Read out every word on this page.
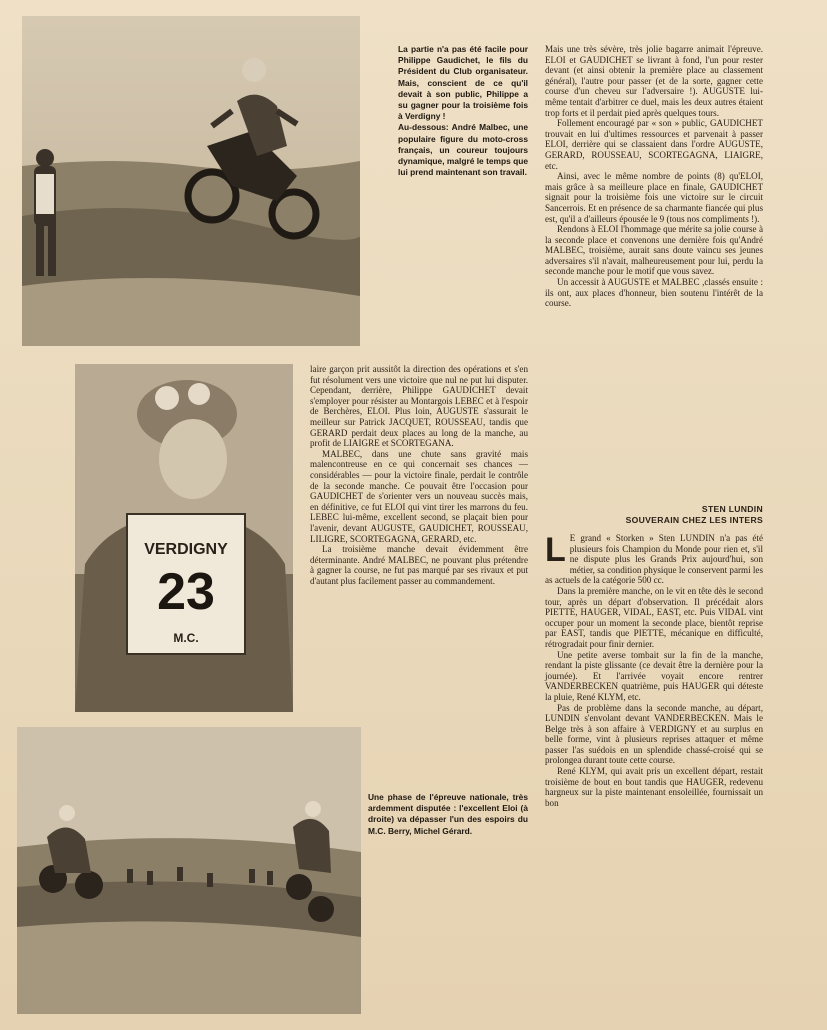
La partie n'a pas été facile pour Philippe Gaudichet, le fils du Président du Club organisateur. Mais, conscient de ce qu'il devait à son public, Philippe a su gagner pour la troisième fois à Verdigny !

Au-dessous: André Malbec, une populaire figure du moto-cross français, un coureur toujours dynamique, malgré le temps que lui prend maintenant son travail.

VERDIGNY
23
M.C.

Une phase de l'épreuve nationale, très ardemment disputée : l'excellent Eloi (à droite) va dépasser l'un des espoirs du M.C. Berry, Michel Gérard.

laire garçon prit aussitôt la direction des opérations et s'en fut résolument vers une victoire que nul ne put lui disputer. Cependant, derrière, Philippe GAUDICHET devait s'employer pour résister au Montargois LEBEC et à l'espoir de Berchères, ELOI. Plus loin, AUGUSTE s'assurait le meilleur sur Patrick JACQUET, ROUSSEAU, tandis que GERARD perdait deux places au long de la manche, au profit de LIAIGRE et SCORTEGANA.

MALBEC, dans une chute sans gravité mais malencontreuse en ce qui concernait ses chances — considérables — pour la victoire finale, perdait le contrôle de la seconde manche. Ce pouvait être l'occasion pour GAUDICHET de s'orienter vers un nouveau succès mais, en définitive, ce fut ELOI qui vint tirer les marrons du feu. LEBEC lui-même, excellent second, se plaçait bien pour l'avenir, devant AUGUSTE, GAUDICHET, ROUSSEAU, LILIGRE, SCORTEGAGNA, GERARD, etc.

La troisième manche devait évidemment être déterminante. André MALBEC, ne pouvant plus prétendre à gagner la course, ne fut pas marqué par ses rivaux et put d'autant plus facilement passer au commandement.

Mais une très sévère, très jolie bagarre animait l'épreuve. ELOI et GAUDICHET se livrant à fond, l'un pour rester devant (et ainsi obtenir la première place au classement général), l'autre pour passer (et de la sorte, gagner cette course d'un cheveu sur l'adversaire !). AUGUSTE lui-même tentait d'arbitrer ce duel, mais les deux autres étaient trop forts et il perdait pied après quelques tours.

Follement encouragé par « son » public, GAUDICHET trouvait en lui d'ultimes ressources et parvenait à passer ELOI, derrière qui se classaient dans l'ordre AUGUSTE, GERARD, ROUSSEAU, SCORTEGAGNA, LIAIGRE, etc.

Ainsi, avec le même nombre de points (8) qu'ELOI, mais grâce à sa meilleure place en finale, GAUDICHET signait pour la troisième fois une victoire sur le circuit Sancerrois. Et en présence de sa charmante fiancée qui plus est, qu'il a d'ailleurs épousée le 9 (tous nos compliments !).

Rendons à ELOI l'hommage que mérite sa jolie course à la seconde place et convenons une dernière fois qu'André MALBEC, troisième, aurait sans doute vaincu ses jeunes adversaires s'il n'avait, malheureusement pour lui, perdu la seconde manche pour le motif que vous savez.

Un accessit à AUGUSTE et MALBEC ,classés ensuite : ils ont, aux places d'honneur, bien soutenu l'intérêt de la course.

STEN LUNDIN
SOUVERAIN CHEZ LES INTERS

L E grand « Storken » Sten LUNDIN n'a pas été plusieurs fois Champion du Monde pour rien et, s'il ne dispute plus les Grands Prix aujourd'hui, son métier, sa condition physique le conservent parmi les as actuels de la catégorie 500 cc.

Dans la première manche, on le vit en tête dès le second tour, après un départ d'observation. Il précédait alors PIETTE, HAUGER, VIDAL, EAST, etc. Puis VIDAL vint occuper pour un moment la seconde place, bientôt reprise par EAST, tandis que PIETTE, mécanique en difficulté, rétrogradait pour finir dernier.

Une petite averse tombait sur la fin de la manche, rendant la piste glissante (ce devait être la dernière pour la journée). Et l'arrivée voyait encore rentrer VANDERBECKEN quatrième, puis HAUGER qui déteste la pluie, René KLYM, etc.

Pas de problème dans la seconde manche, au départ, LUNDIN s'envolant devant VANDERBECKEN. Mais le Belge très à son affaire à VERDIGNY et au surplus en belle forme, vint à plusieurs reprises attaquer et même passer l'as suédois en un splendide chassé-croisé qui se prolongea durant toute cette course.

René KLYM, qui avait pris un excellent départ, restait troisième de bout en bout tandis que HAUGER, redevenu hargneux sur la piste maintenant ensoleillée, fournissait un bon
